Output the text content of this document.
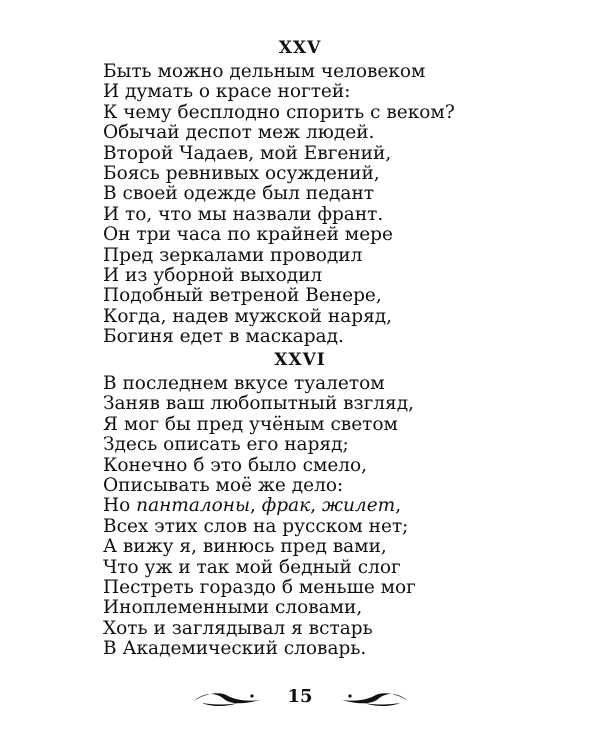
XXV
Быть можно дельным человеком
И думать о красе ногтей:
К чему бесплодно спорить с веком?
Обычай деспот меж людей.
Второй Чадаев, мой Евгений,
Боясь ревнивых осуждений,
В своей одежде был педант
И то, что мы назвали франт.
Он три часа по крайней мере
Пред зеркалами проводил
И из уборной выходил
Подобный ветреной Венере,
Когда, надев мужской наряд,
Богиня едет в маскарад.
XXVI
В последнем вкусе туалетом
Заняв ваш любопытный взгляд,
Я мог бы пред учёным светом
Здесь описать его наряд;
Конечно б это было смело,
Описывать моё же дело:
Но панталоны, фрак, жилет,
Всех этих слов на русском нет;
А вижу я, винюсь пред вами,
Что уж и так мой бедный слог
Пестреть гораздо б меньше мог
Иноплеменными словами,
Хоть и заглядывал я встарь
В Академический словарь.
15
